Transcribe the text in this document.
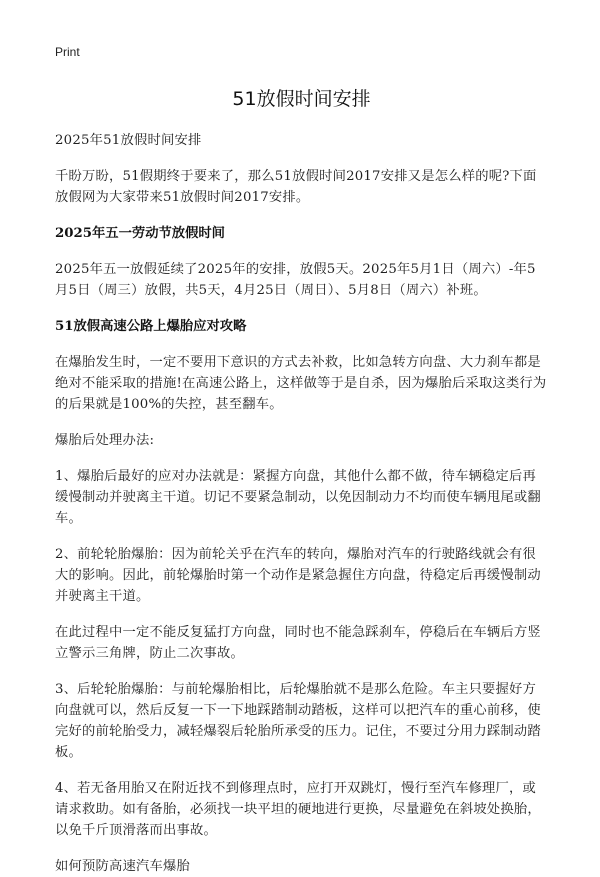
Print
51放假时间安排

2025年51放假时间安排

千盼万盼，51假期终于要来了，那么51放假时间2017安排又是怎么样的呢?下面放假网为大家带来51放假时间2017安排。

2025年五一劳动节放假时间

2025年五一放假延续了2025年的安排，放假5天。2025年5月1日（周六）-年5月5日（周三）放假，共5天，4月25日（周日）、5月8日（周六）补班。

51放假高速公路上爆胎应对攻略

在爆胎发生时，一定不要用下意识的方式去补救，比如急转方向盘、大力刹车都是绝对不能采取的措施!在高速公路上，这样做等于是自杀，因为爆胎后采取这类行为的后果就是100%的失控，甚至翻车。

爆胎后处理办法:

1、爆胎后最好的应对办法就是：紧握方向盘，其他什么都不做，待车辆稳定后再缓慢制动并驶离主干道。切记不要紧急制动，以免因制动力不均而使车辆甩尾或翻车。

2、前轮轮胎爆胎：因为前轮关乎在汽车的转向，爆胎对汽车的行驶路线就会有很大的影响。因此，前轮爆胎时第一个动作是紧急握住方向盘，待稳定后再缓慢制动并驶离主干道。

在此过程中一定不能反复猛打方向盘，同时也不能急踩刹车，停稳后在车辆后方竖立警示三角牌，防止二次事故。

3、后轮轮胎爆胎：与前轮爆胎相比，后轮爆胎就不是那么危险。车主只要握好方向盘就可以，然后反复一下一下地踩踏制动踏板，这样可以把汽车的重心前移，使完好的前轮胎受力，减轻爆裂后轮胎所承受的压力。记住，不要过分用力踩制动踏板。

4、若无备用胎又在附近找不到修理点时，应打开双跳灯，慢行至汽车修理厂，或请求救助。如有备胎，必须找一块平坦的硬地进行更换，尽量避免在斜坡处换胎，以免千斤顶滑落而出事故。

如何预防高速汽车爆胎
